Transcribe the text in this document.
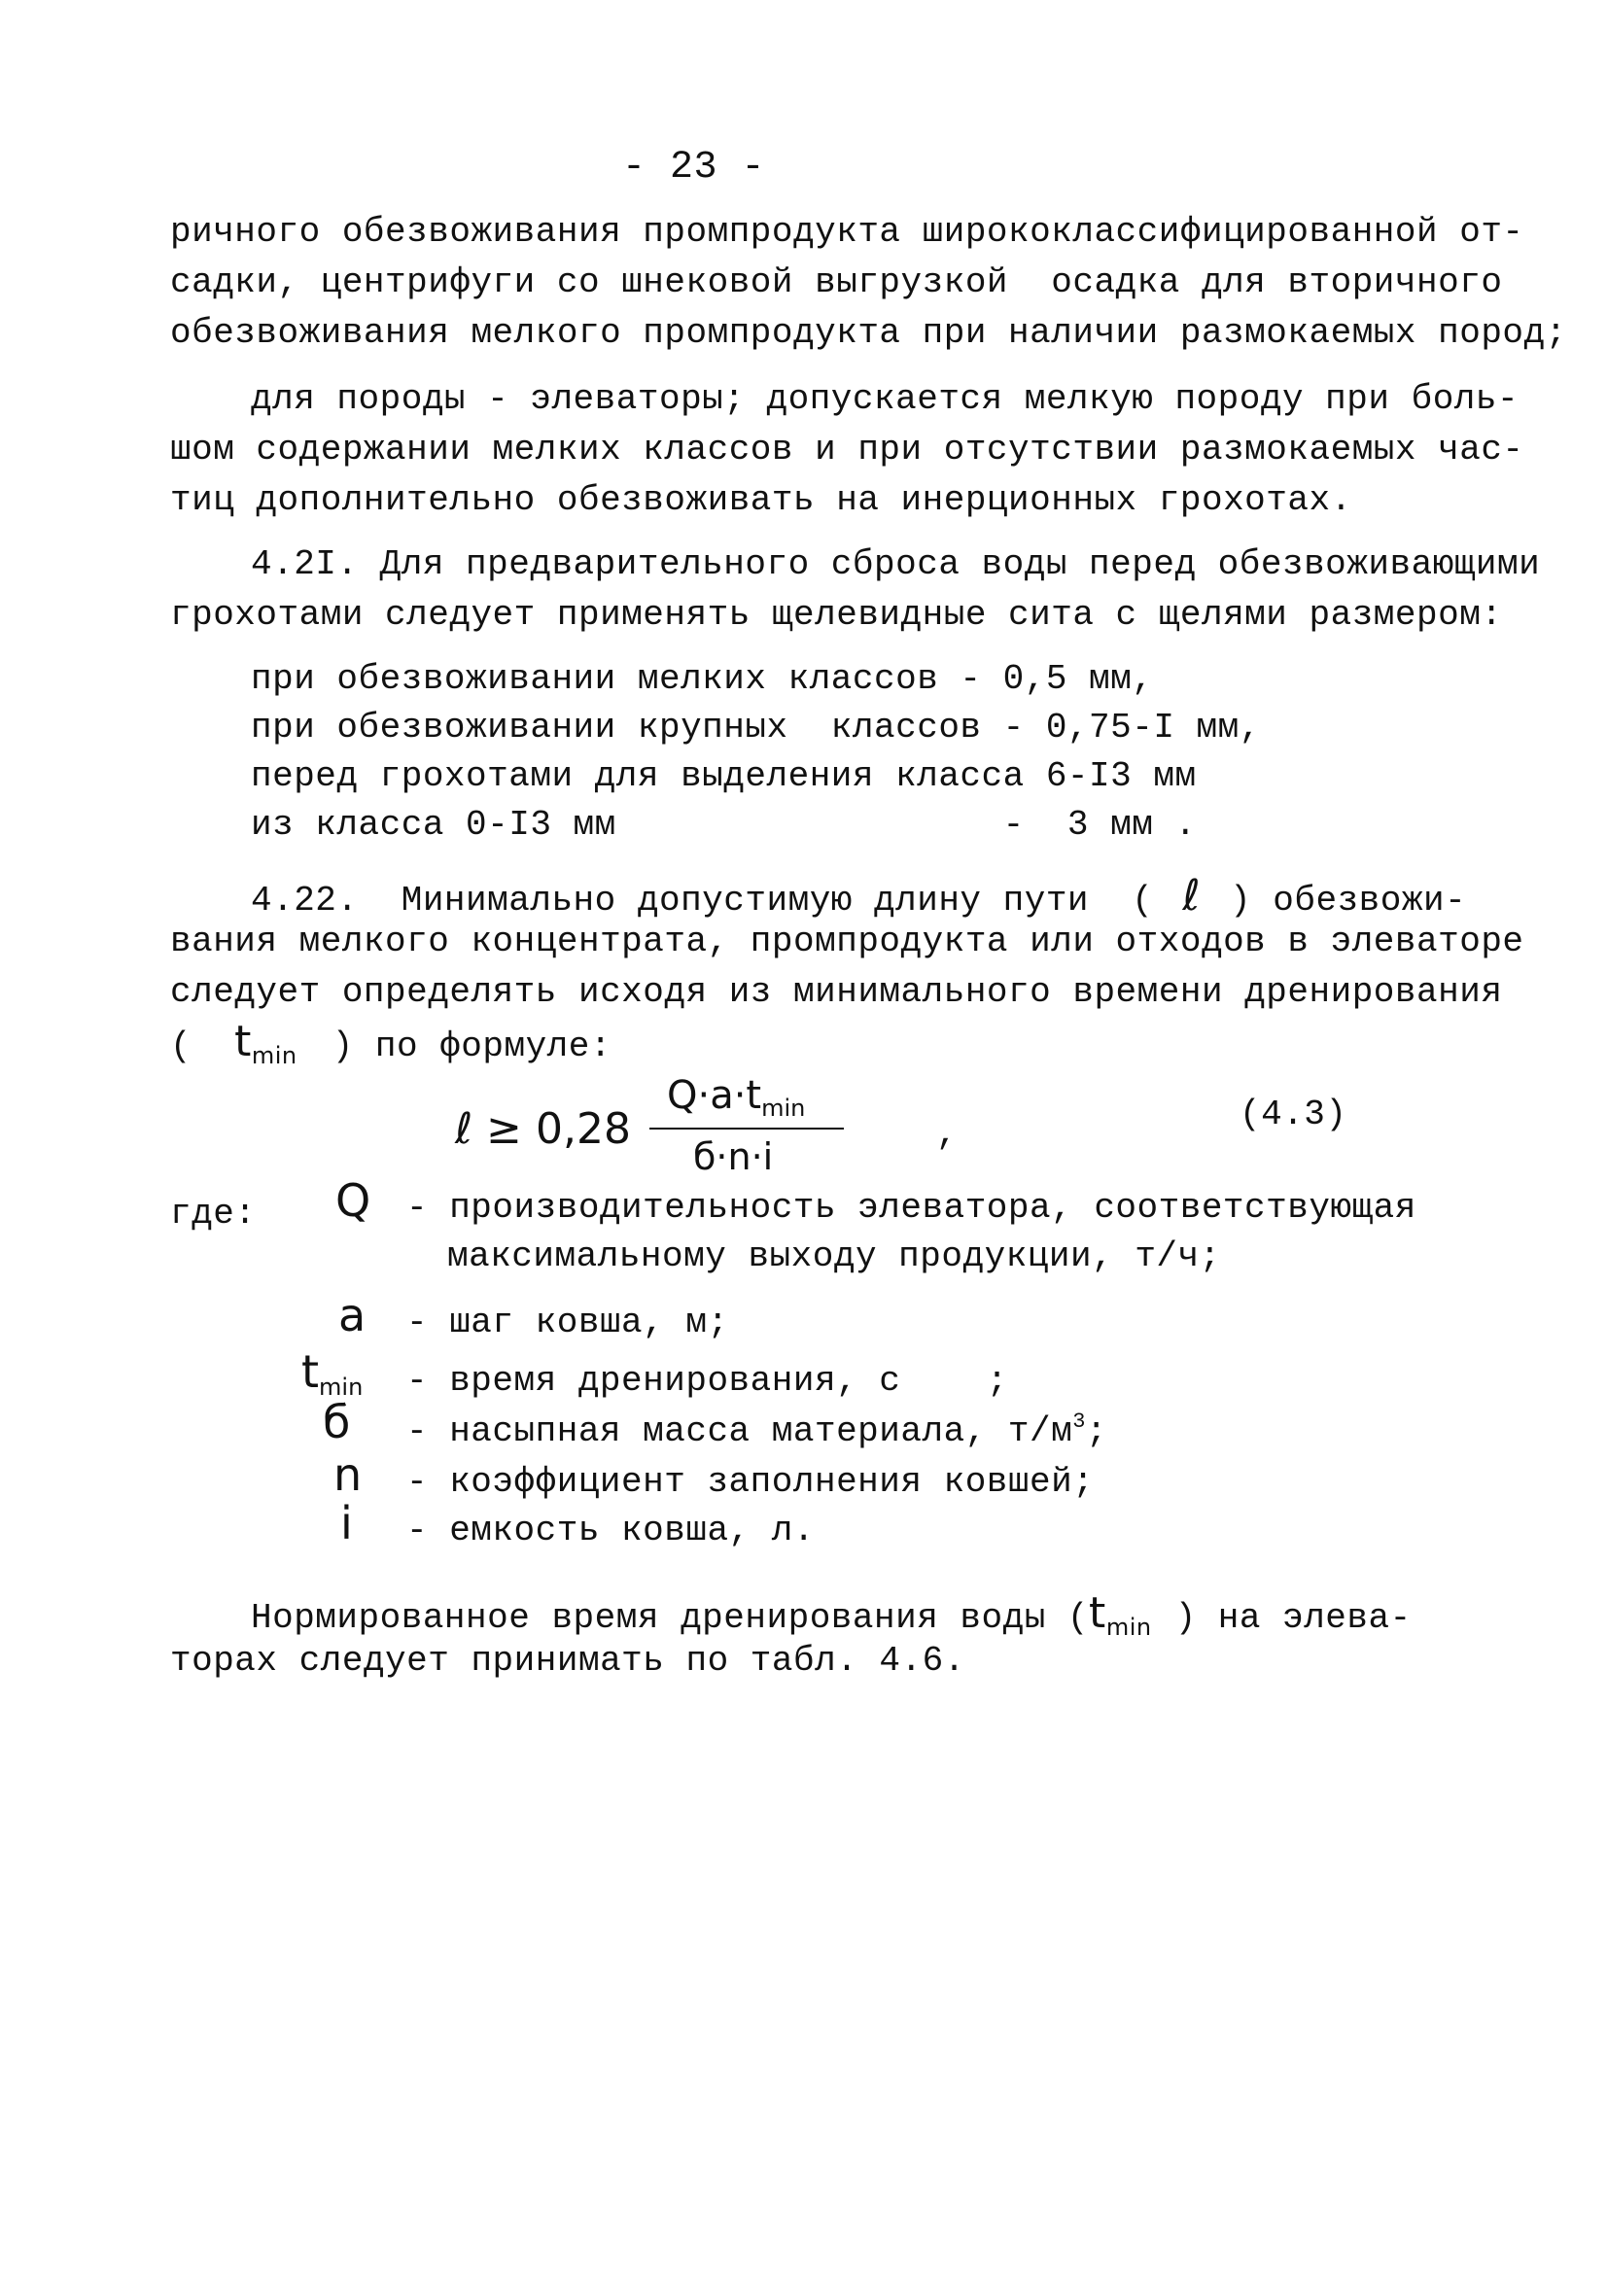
- 23 -
ричного обезвоживания промпродукта ширококлассифицированной от-
садки, центрифуги со шнековой выгрузкой  осадка для вторичного
обезвоживания мелкого промпродукта при наличии размокаемых пород;
для породы - элеваторы; допускается мелкую породу при боль-
шом содержании мелких классов и при отсутствии размокаемых час-
тиц дополнительно обезвоживать на инерционных грохотах.
4.2I. Для предварительного сброса воды перед обезвоживающими
грохотами следует применять щелевидные сита с щелями размером:
при обезвоживании мелких классов - 0,5 мм,
при обезвоживании крупных  классов - 0,75-I мм,
перед грохотами для выделения класса 6-I3 мм
из класса 0-I3 мм                  -  3 мм .
4.22.  Минимально допустимую длину пути  ( ℓ ) обезвожи-
вания мелкого концентрата, промпродукта или отходов в элеваторе
следует определять исходя из минимального времени дренирования
( $t_{min}$ ) по формуле:
ℓ ≥ 0,28
$Q\cdot a\cdot t_{min}$
б·n·i
,	(4.3)
где: Q - производительность элеватора, соответствующая
максимальному выходу продукции, т/ч;
a - шаг ковша, м;
$t_{min}$ - время дренирования, с    ;
б - насыпная масса материала, $т/м^3$;
n - коэффициент заполнения ковшей;
i - емкость ковша, л.
Нормированное время дренирования воды ($t_{min}$ ) на элева-
торах следует принимать по табл. 4.6.
